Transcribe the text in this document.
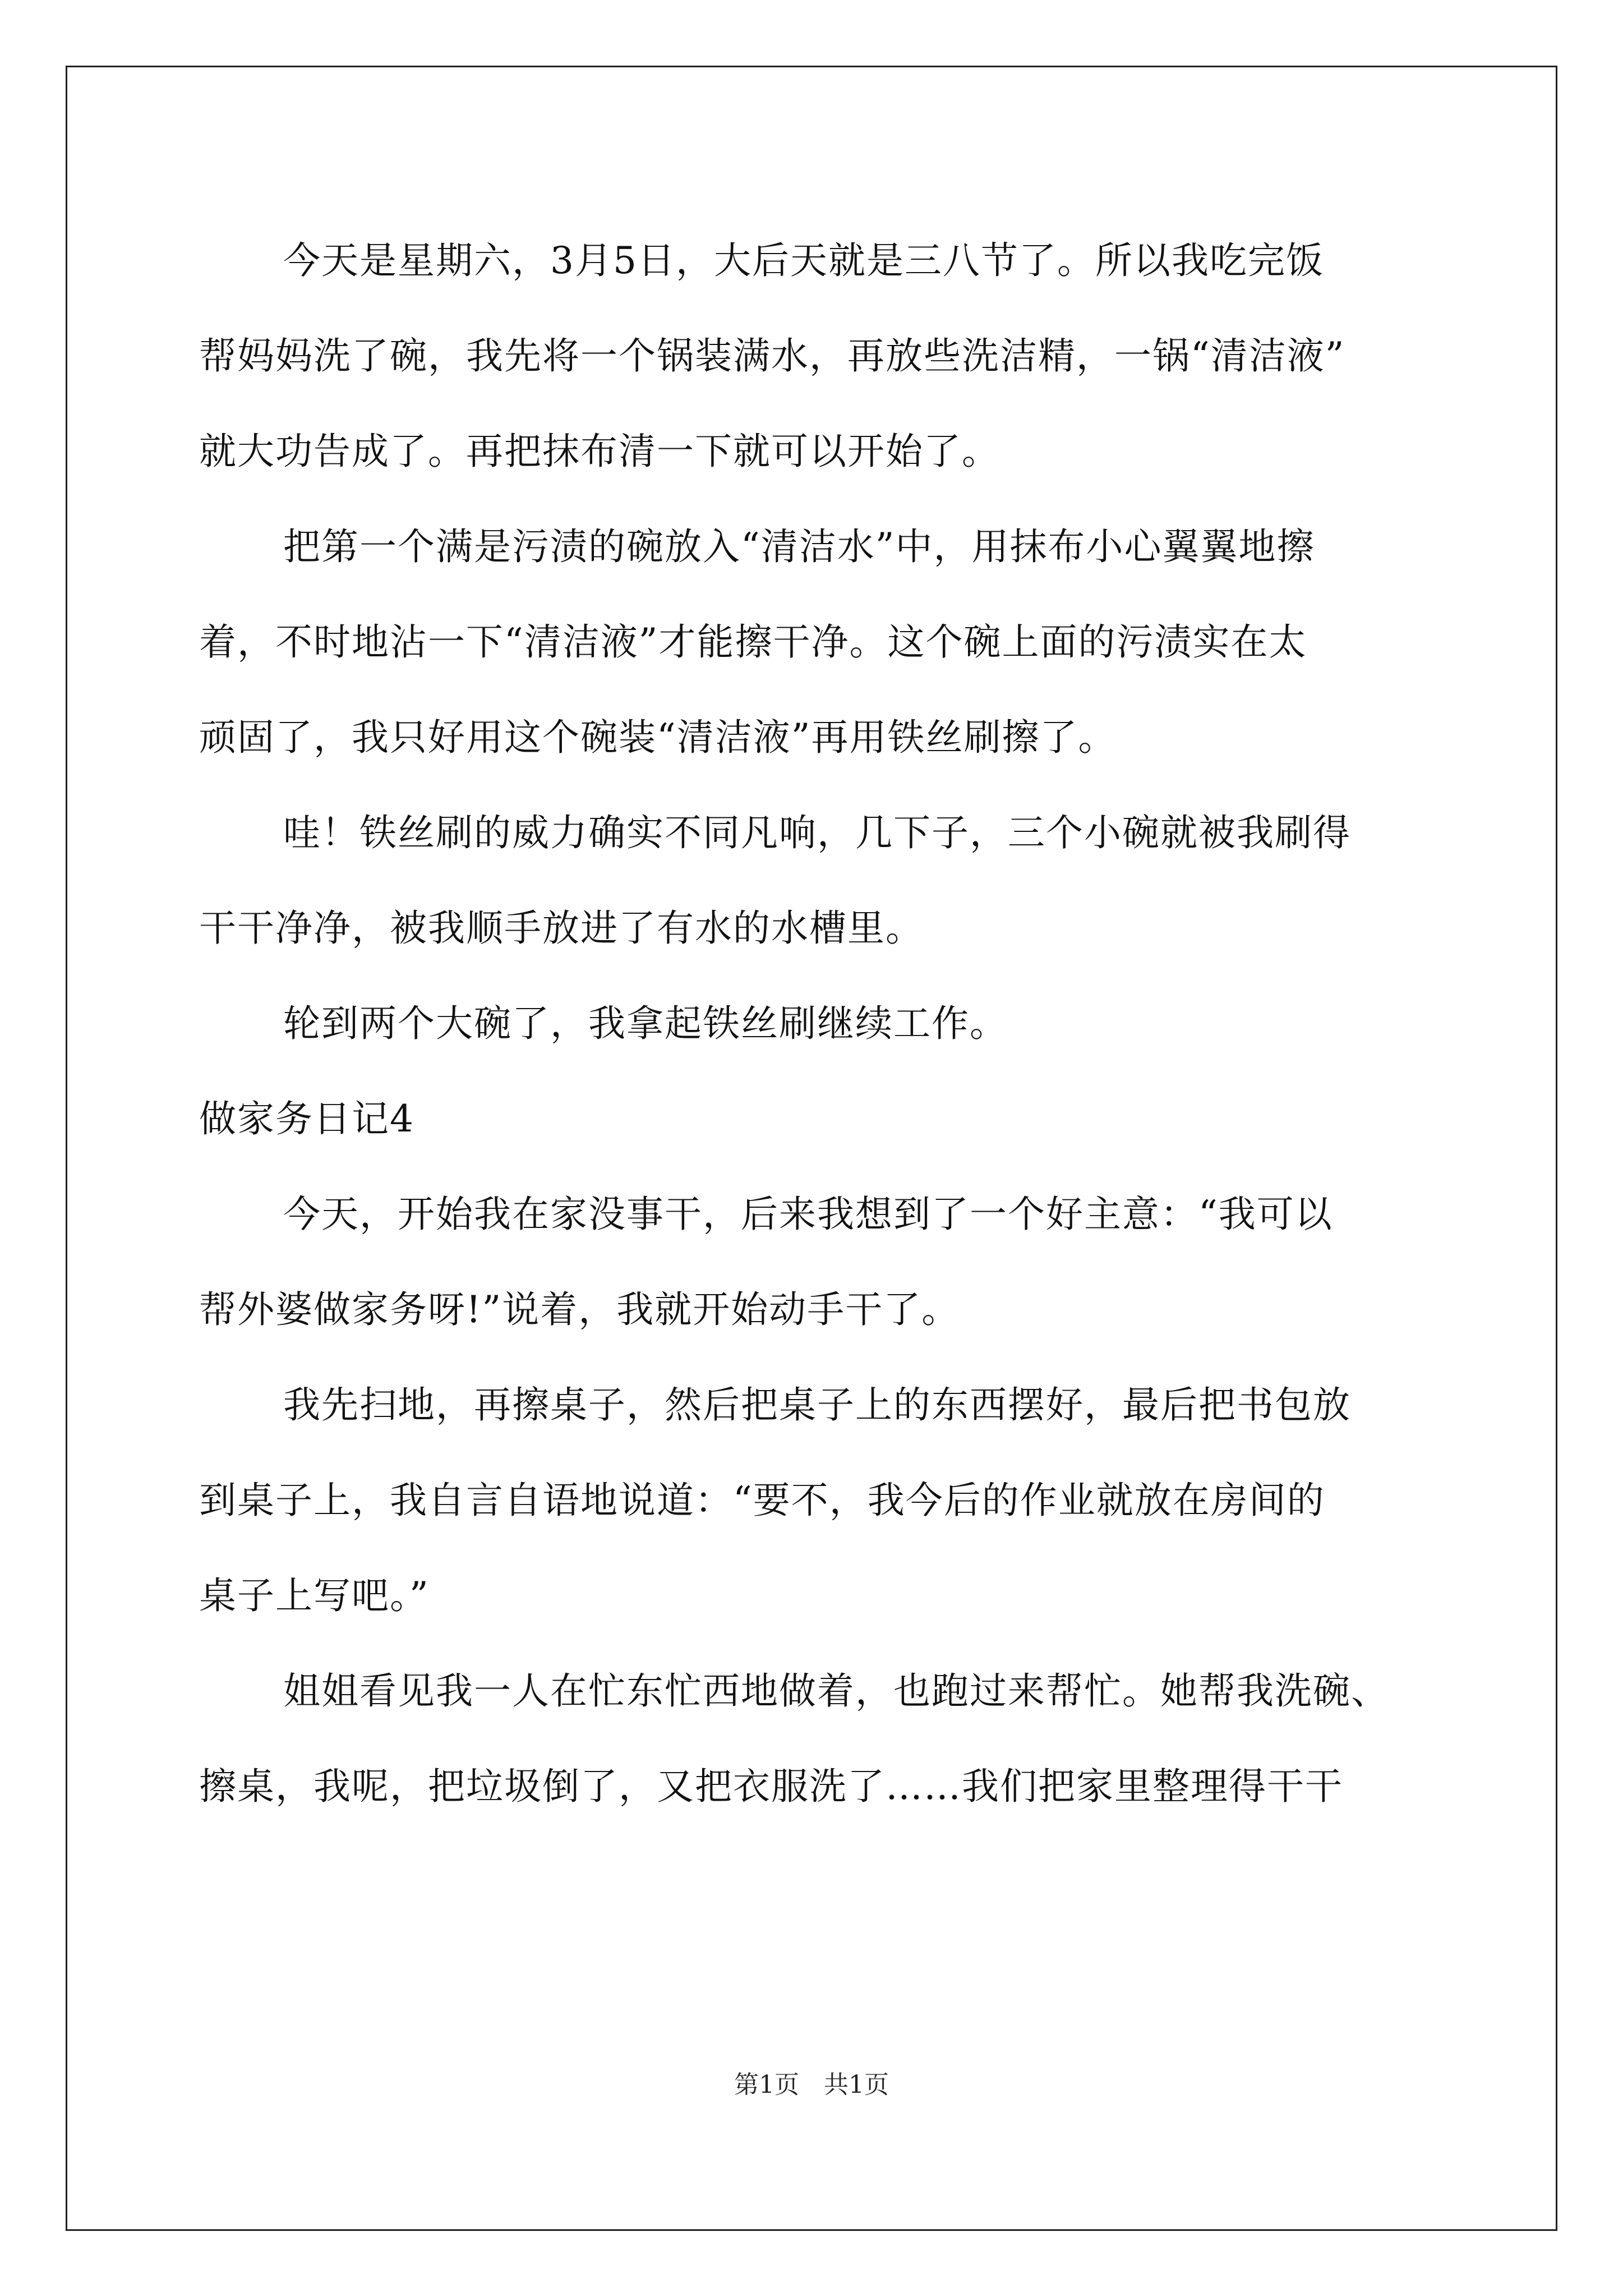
今天是星期六，3月5日，大后天就是三八节了。所以我吃完饭
帮妈妈洗了碗，我先将一个锅装满水，再放些洗洁精，一锅“清洁液”
就大功告成了。再把抹布清一下就可以开始了。
把第一个满是污渍的碗放入“清洁水”中，用抹布小心翼翼地擦
着，不时地沾一下“清洁液”才能擦干净。这个碗上面的污渍实在太
顽固了，我只好用这个碗装“清洁液”再用铁丝刷擦了。
哇！铁丝刷的威力确实不同凡响，几下子，三个小碗就被我刷得
干干净净，被我顺手放进了有水的水槽里。
轮到两个大碗了，我拿起铁丝刷继续工作。
做家务日记4
今天，开始我在家没事干，后来我想到了一个好主意：“我可以
帮外婆做家务呀!”说着，我就开始动手干了。
我先扫地，再擦桌子，然后把桌子上的东西摆好，最后把书包放
到桌子上，我自言自语地说道：“要不，我今后的作业就放在房间的
桌子上写吧。”
姐姐看见我一人在忙东忙西地做着，也跑过来帮忙。她帮我洗碗、
擦桌，我呢，把垃圾倒了，又把衣服洗了……我们把家里整理得干干
第1页　共1页
